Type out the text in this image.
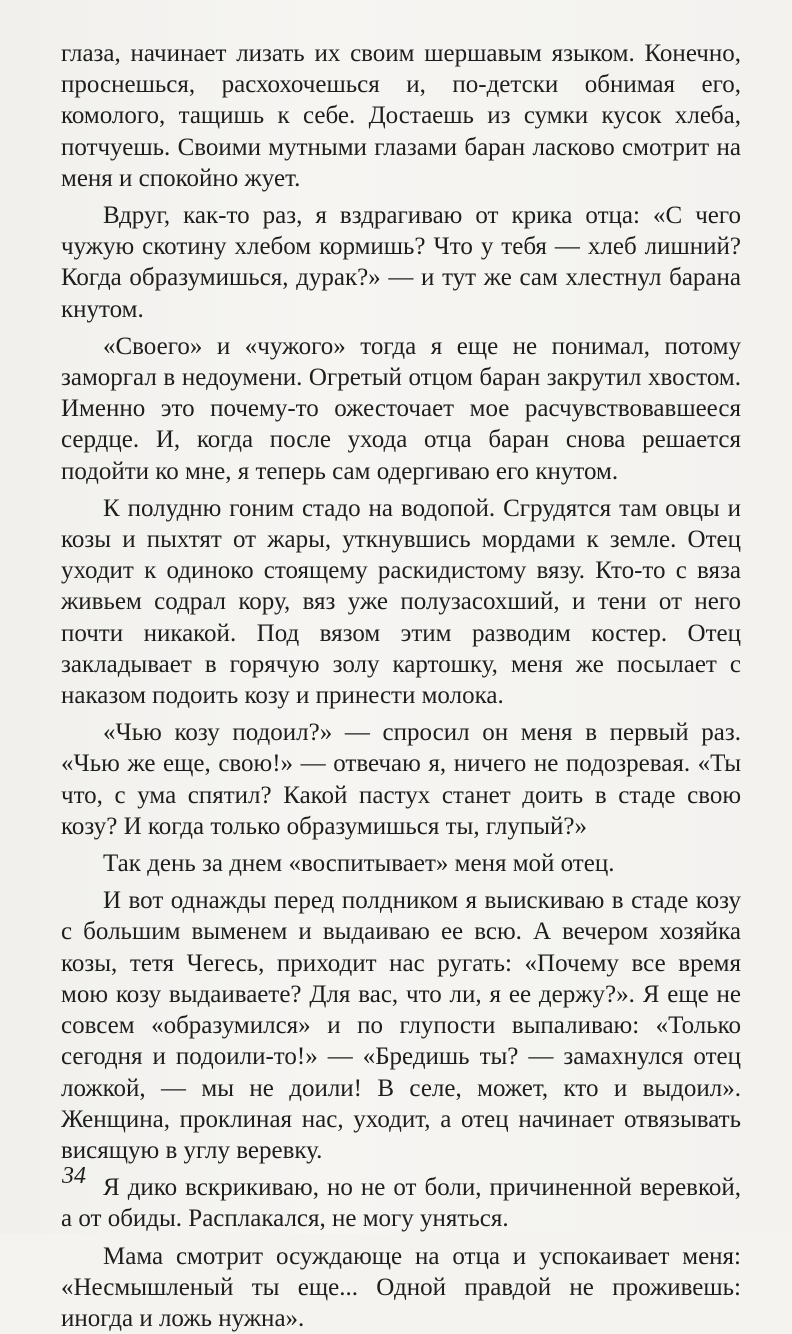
глаза, начинает лизать их своим шершавым языком. Конечно, проснешься, расхохочешься и, по-детски обнимая его, комолого, тащишь к себе. Достаешь из сумки кусок хлеба, потчуешь. Своими мутными глазами баран ласково смотрит на меня и спокойно жует.

Вдруг, как-то раз, я вздрагиваю от крика отца: «С чего чужую скотину хлебом кормишь? Что у тебя — хлеб лишний? Когда образумишься, дурак?» — и тут же сам хлестнул барана кнутом.

«Своего» и «чужого» тогда я еще не понимал, потому заморгал в недоумени. Огретый отцом баран закрутил хвостом. Именно это почему-то ожесточает мое расчувствовавшееся сердце. И, когда после ухода отца баран снова решается подойти ко мне, я теперь сам одергиваю его кнутом.

К полудню гоним стадо на водопой. Сгрудятся там овцы и козы и пыхтят от жары, уткнувшись мордами к земле. Отец уходит к одиноко стоящему раскидистому вязу. Кто-то с вяза живьем содрал кору, вяз уже полузасохший, и тени от него почти никакой. Под вязом этим разводим костер. Отец закладывает в горячую золу картошку, меня же посылает с наказом подоить козу и принести молока.

«Чью козу подоил?» — спросил он меня в первый раз. «Чью же еще, свою!» — отвечаю я, ничего не подозревая. «Ты что, с ума спятил? Какой пастух станет доить в стаде свою козу? И когда только образумишься ты, глупый?»

Так день за днем «воспитывает» меня мой отец.

И вот однажды перед полдником я выискиваю в стаде козу с большим выменем и выдаиваю ее всю. А вечером хозяйка козы, тетя Чегесь, приходит нас ругать: «Почему все время мою козу выдаиваете? Для вас, что ли, я ее держу?». Я еще не совсем «образумился» и по глупости выпаливаю: «Только сегодня и подоили-то!» — «Бредишь ты? — замахнулся отец ложкой, — мы не доили! В селе, может, кто и выдоил». Женщина, проклиная нас, уходит, а отец начинает отвязывать висящую в углу веревку.

Я дико вскрикиваю, но не от боли, причиненной веревкой, а от обиды. Расплакался, не могу уняться.

Мама смотрит осуждающе на отца и успокаивает меня: «Несмышленый ты еще... Одной правдой не проживешь: иногда и ложь нужна».

34
